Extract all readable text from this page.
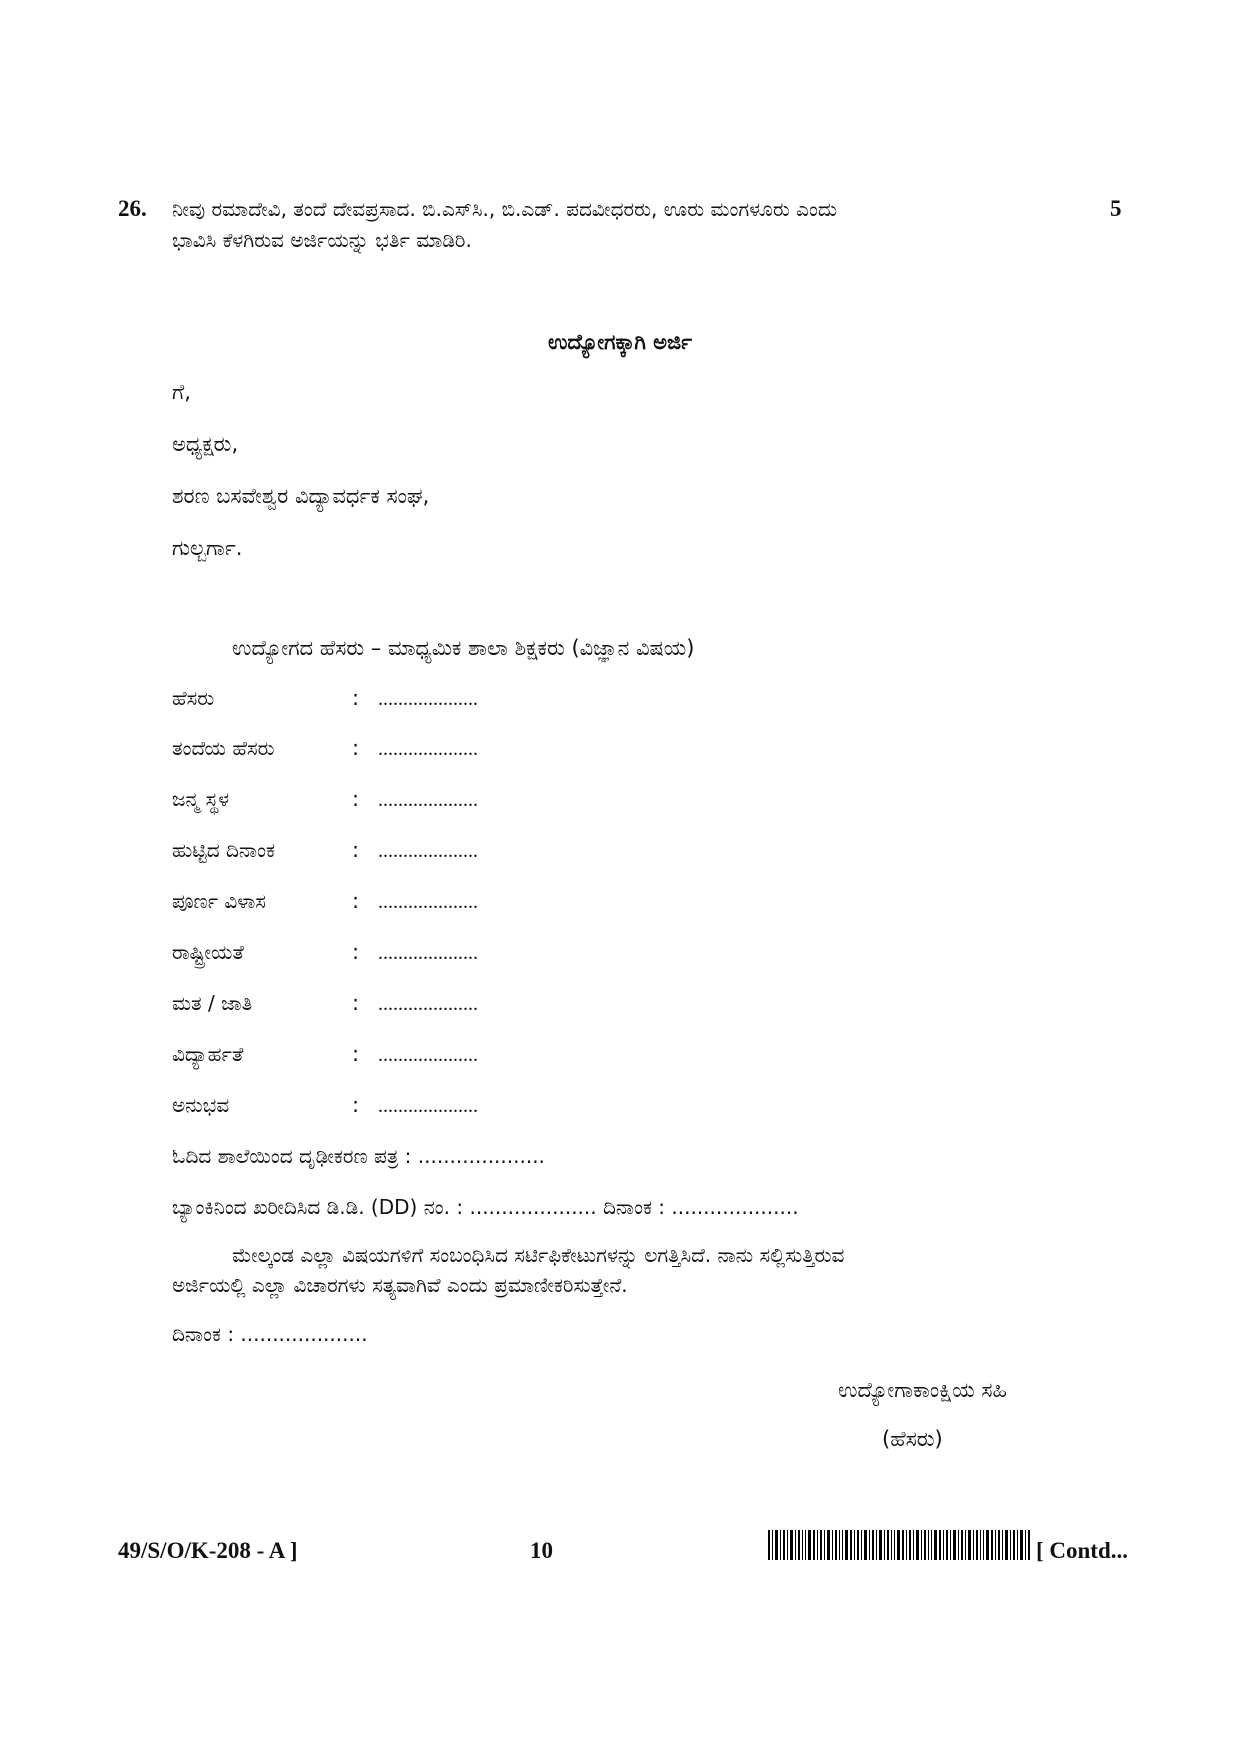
26. ನೀವು ರಮಾದೇವಿ, ತಂದೆ ದೇವಪ್ರಸಾದ. ಬಿ.ಎಸ್‌ಸಿ., ಬಿ.ಎಡ್. ಪದವೀಧರರು, ಊರು ಮಂಗಳೂರು ಎಂದು
ಭಾವಿಸಿ ಕೆಳಗಿರುವ ಅರ್ಜಿಯನ್ನು ಭರ್ತಿ ಮಾಡಿರಿ.
5
ಉದ್ಯೋಗಕ್ಕಾಗಿ ಅರ್ಜಿ
ಗೆ,
ಅಧ್ಯಕ್ಷರು,
ಶರಣ ಬಸವೇಶ್ವರ ವಿದ್ಯಾವರ್ಧಕ ಸಂಘ,
ಗುಲ್ಬರ್ಗಾ.
ಉದ್ಯೋಗದ ಹೆಸರು – ಮಾಧ್ಯಮಿಕ ಶಾಲಾ ಶಿಕ್ಷಕರು (ವಿಜ್ಞಾನ ವಿಷಯ)
ಹೆಸರು	: ....................
ತಂದೆಯ ಹೆಸರು	: ....................
ಜನ್ಮ ಸ್ಥಳ	: ....................
ಹುಟ್ಟಿದ ದಿನಾಂಕ	: ....................
ಪೂರ್ಣ ವಿಳಾಸ	: ....................
ರಾಷ್ಟ್ರೀಯತೆ	: ....................
ಮತ / ಜಾತಿ	: ....................
ವಿದ್ಯಾರ್ಹತೆ	: ....................
ಅನುಭವ	: ....................
ಓದಿದ ಶಾಲೆಯಿಂದ ದೃಢೀಕರಣ ಪತ್ರ : ....................
ಬ್ಯಾಂಕಿನಿಂದ ಖರೀದಿಸಿದ ಡಿ.ಡಿ. (DD) ನಂ. : .................... ದಿನಾಂಕ : ....................
ಮೇಲ್ಕಂಡ ಎಲ್ಲಾ ವಿಷಯಗಳಿಗೆ ಸಂಬಂಧಿಸಿದ ಸರ್ಟಿಫಿಕೇಟುಗಳನ್ನು ಲಗತ್ತಿಸಿದೆ. ನಾನು ಸಲ್ಲಿಸುತ್ತಿರುವ
ಅರ್ಜಿಯಲ್ಲಿ ಎಲ್ಲಾ ವಿಚಾರಗಳು ಸತ್ಯವಾಗಿವೆ ಎಂದು ಪ್ರಮಾಣೀಕರಿಸುತ್ತೇನೆ.
ದಿನಾಂಕ : ....................
ಉದ್ಯೋಗಾಕಾಂಕ್ಷಿಯ ಸಹಿ
(ಹೆಸರು)
49/S/O/K-208 - A ]	10	[ Contd...
